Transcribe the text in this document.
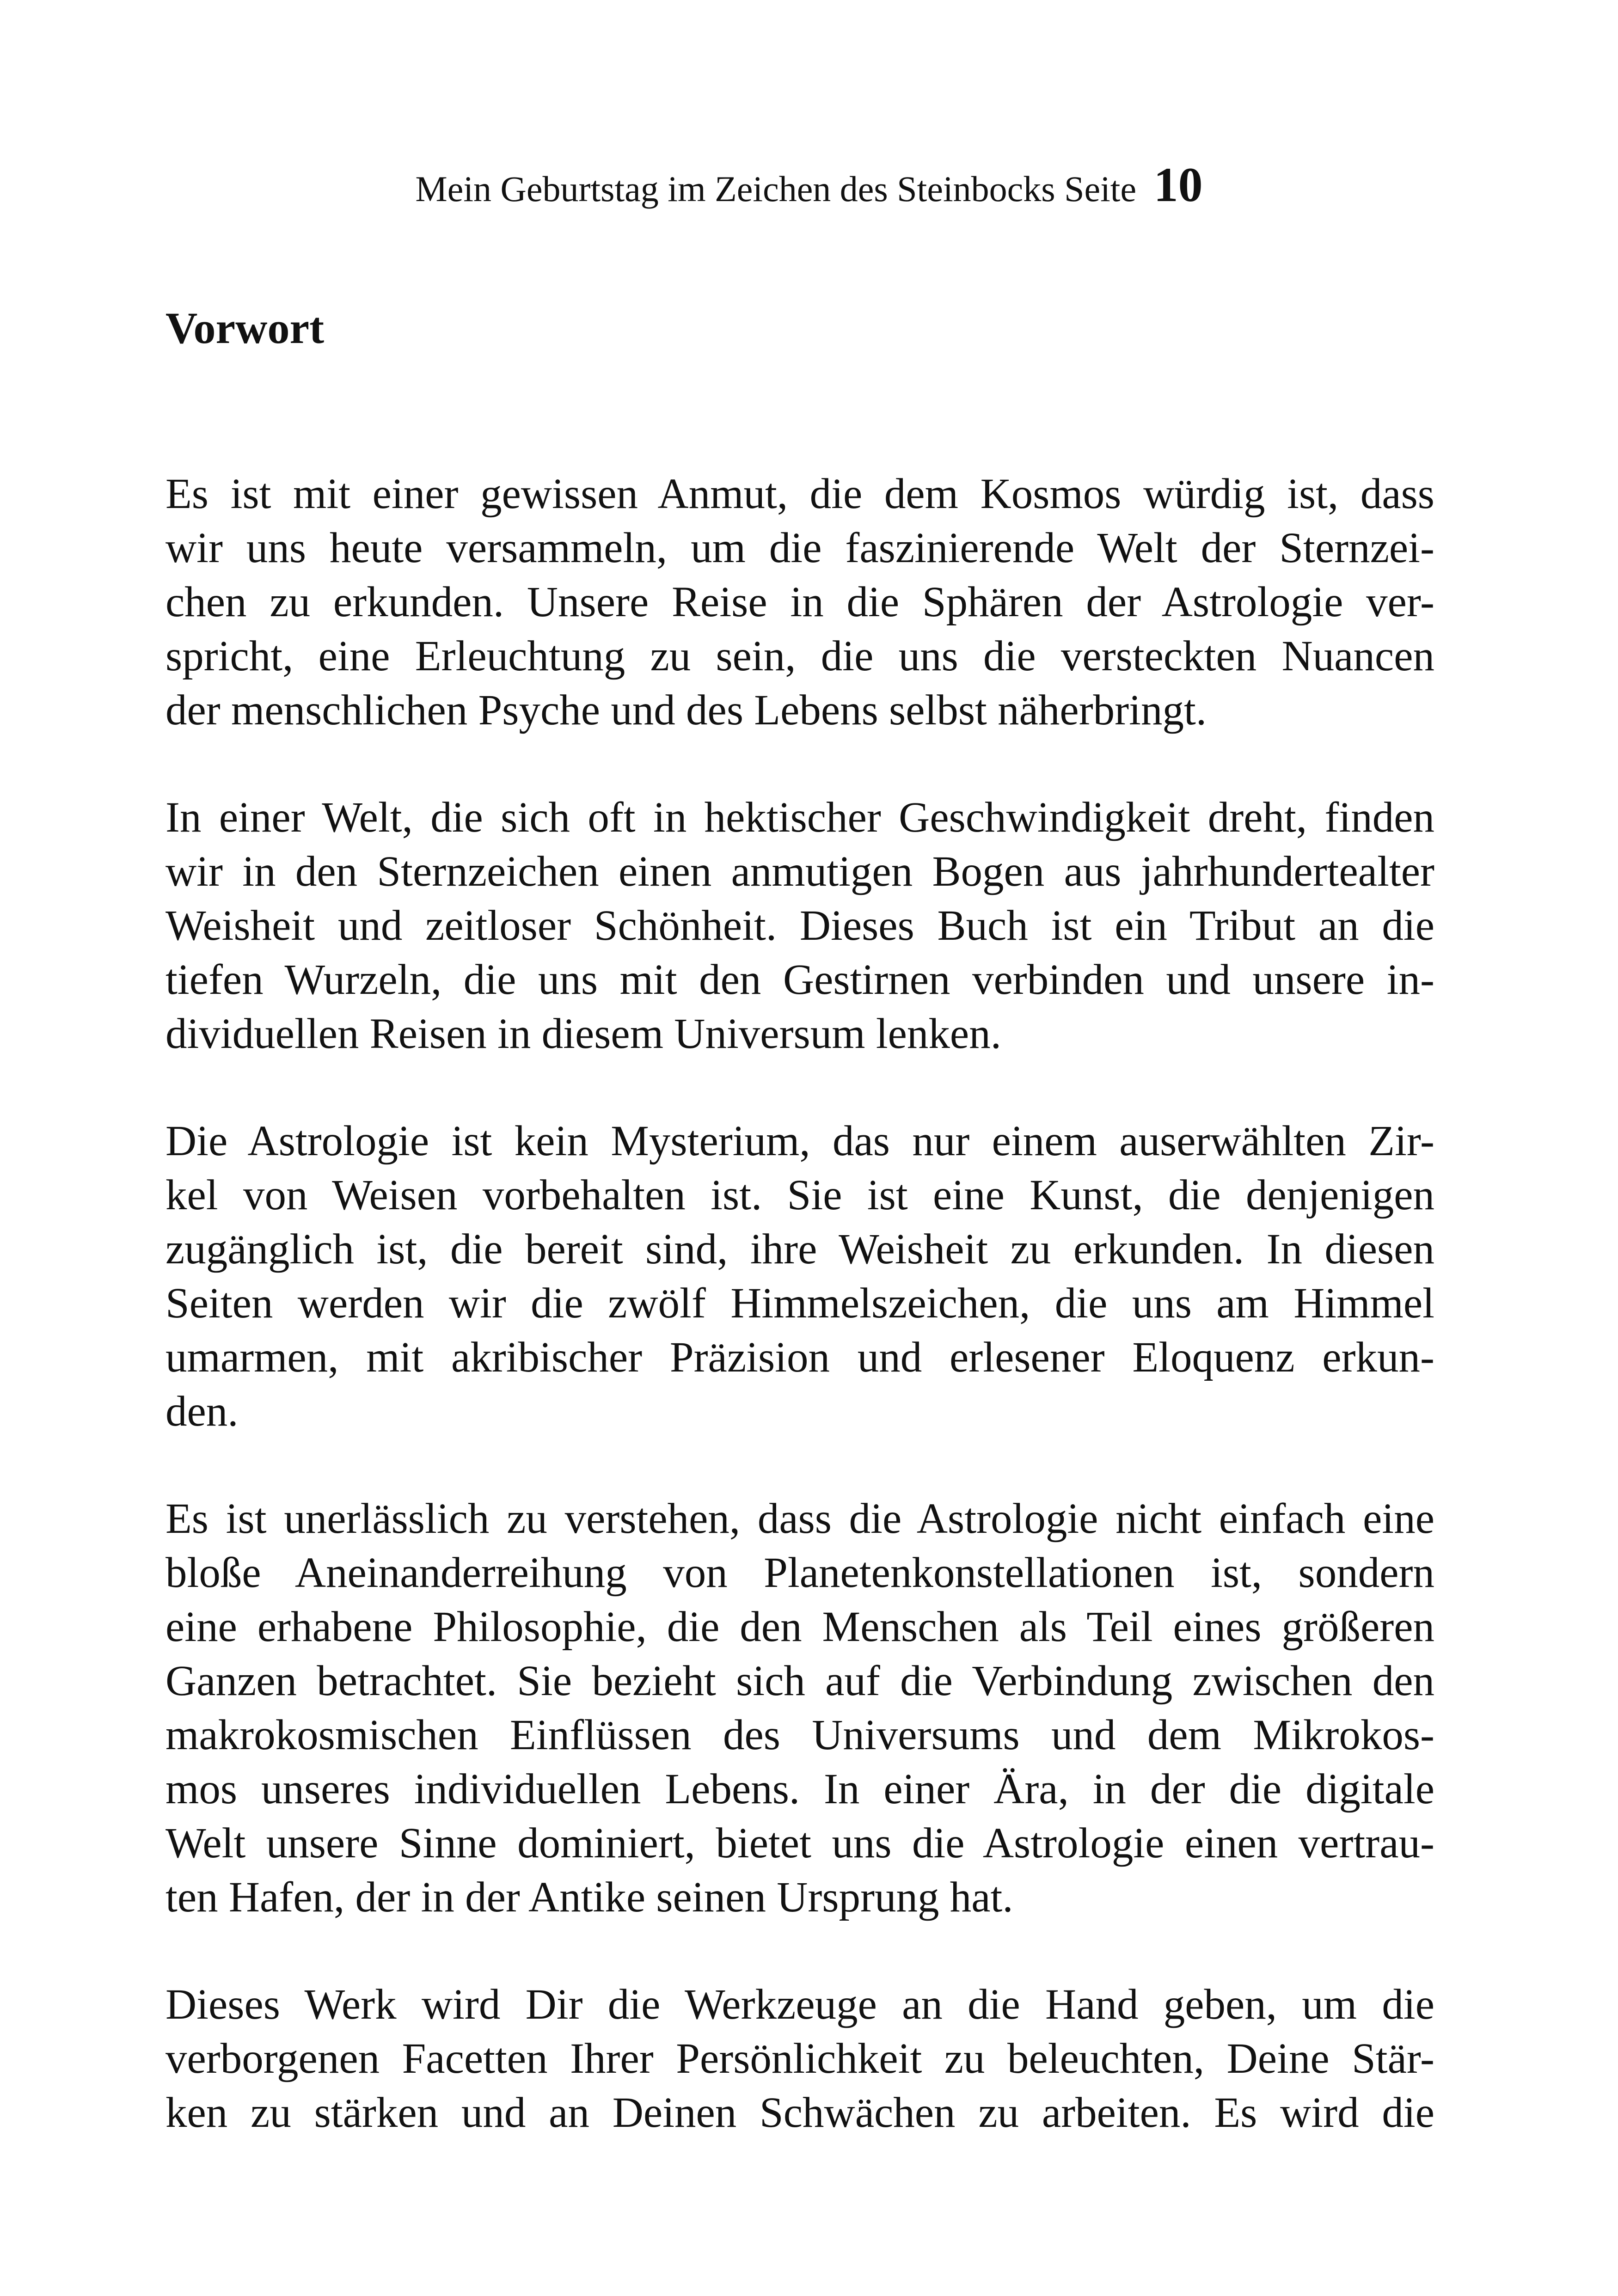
Mein Geburtstag im Zeichen des Steinbocks Seite 10
Vorwort
Es ist mit einer gewissen Anmut, die dem Kosmos würdig ist, dass
wir uns heute versammeln, um die faszinierende Welt der Sternzei-
chen zu erkunden. Unsere Reise in die Sphären der Astrologie ver-
spricht, eine Erleuchtung zu sein, die uns die versteckten Nuancen
der menschlichen Psyche und des Lebens selbst näherbringt.
In einer Welt, die sich oft in hektischer Geschwindigkeit dreht, finden
wir in den Sternzeichen einen anmutigen Bogen aus jahrhundertealter
Weisheit und zeitloser Schönheit. Dieses Buch ist ein Tribut an die
tiefen Wurzeln, die uns mit den Gestirnen verbinden und unsere in-
dividuellen Reisen in diesem Universum lenken.
Die Astrologie ist kein Mysterium, das nur einem auserwählten Zir-
kel von Weisen vorbehalten ist. Sie ist eine Kunst, die denjenigen
zugänglich ist, die bereit sind, ihre Weisheit zu erkunden. In diesen
Seiten werden wir die zwölf Himmelszeichen, die uns am Himmel
umarmen, mit akribischer Präzision und erlesener Eloquenz erkun-
den.
Es ist unerlässlich zu verstehen, dass die Astrologie nicht einfach eine
bloße Aneinanderreihung von Planetenkonstellationen ist, sondern
eine erhabene Philosophie, die den Menschen als Teil eines größeren
Ganzen betrachtet. Sie bezieht sich auf die Verbindung zwischen den
makrokosmischen Einflüssen des Universums und dem Mikrokos-
mos unseres individuellen Lebens. In einer Ära, in der die digitale
Welt unsere Sinne dominiert, bietet uns die Astrologie einen vertrau-
ten Hafen, der in der Antike seinen Ursprung hat.
Dieses Werk wird Dir die Werkzeuge an die Hand geben, um die
verborgenen Facetten Ihrer Persönlichkeit zu beleuchten, Deine Stär-
ken zu stärken und an Deinen Schwächen zu arbeiten. Es wird die
